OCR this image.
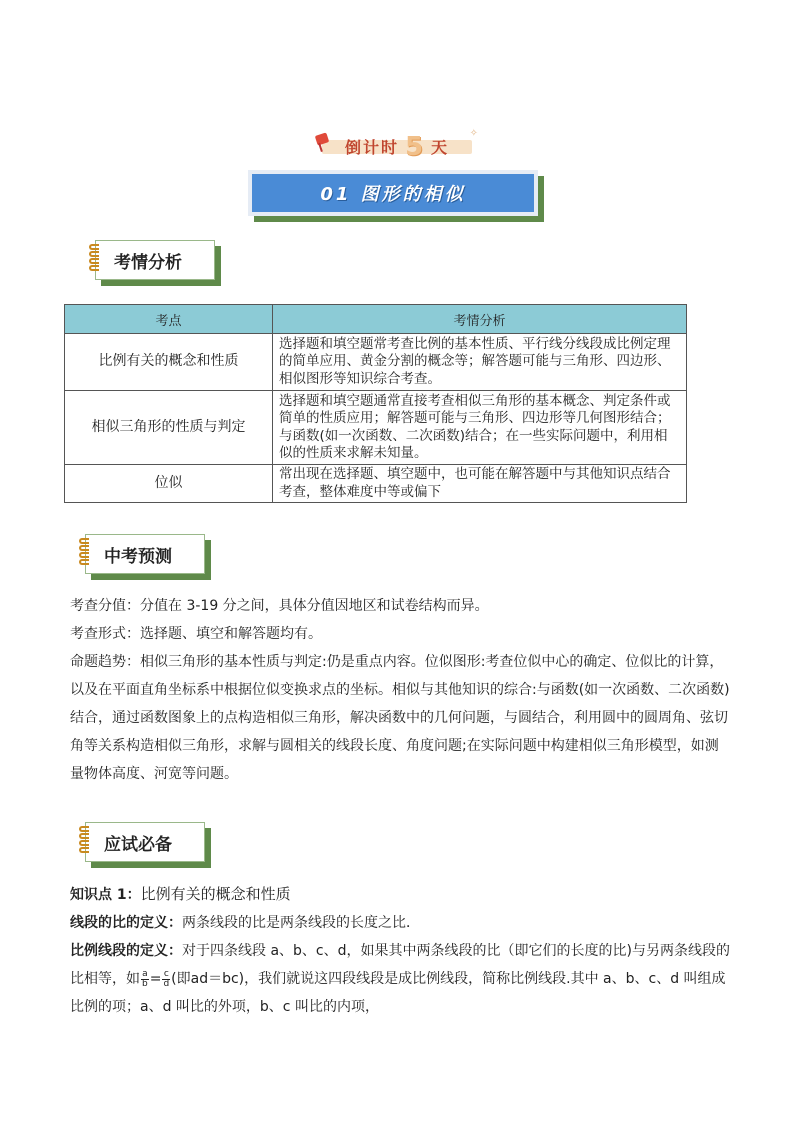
倒计时 5 天
✧
01 图形的相似
考情分析
考点	考情分析
比例有关的概念和性质	选择题和填空题常考查比例的基本性质、平行线分线段成比例定理的简单应用、黄金分割的概念等；解答题可能与三角形、四边形、相似图形等知识综合考查。
相似三角形的性质与判定	选择题和填空题通常直接考查相似三角形的基本概念、判定条件或简单的性质应用；解答题可能与三角形、四边形等几何图形结合；与函数(如一次函数、二次函数)结合；在一些实际问题中，利用相似的性质来求解未知量。
位似	常出现在选择题、填空题中，也可能在解答题中与其他知识点结合考查，整体难度中等或偏下
中考预测
考查分值：分值在 3-19 分之间，具体分值因地区和试卷结构而异。
考查形式：选择题、填空和解答题均有。
命题趋势：相似三角形的基本性质与判定:仍是重点内容。位似图形:考查位似中心的确定、位似比的计算，以及在平面直角坐标系中根据位似变换求点的坐标。相似与其他知识的综合:与函数(如一次函数、二次函数)结合，通过函数图象上的点构造相似三角形，解决函数中的几何问题，与圆结合，利用圆中的圆周角、弦切角等关系构造相似三角形，求解与圆相关的线段长度、角度问题;在实际问题中构建相似三角形模型，如测量物体高度、河宽等问题。
应试必备
知识点 1：比例有关的概念和性质
线段的比的定义：两条线段的比是两条线段的长度之比．
比例线段的定义：对于四条线段 a、b、c、d，如果其中两条线段的比（即它们的长度的比)与另两条线段的比相等，如 $\frac{a}{b} = \frac{c}{d}$ (即ad＝bc)，我们就说这四段线段是成比例线段，简称比例线段.其中 a、b、c、d 叫组成比例的项；a、d 叫比的外项，b、c 叫比的内项，
